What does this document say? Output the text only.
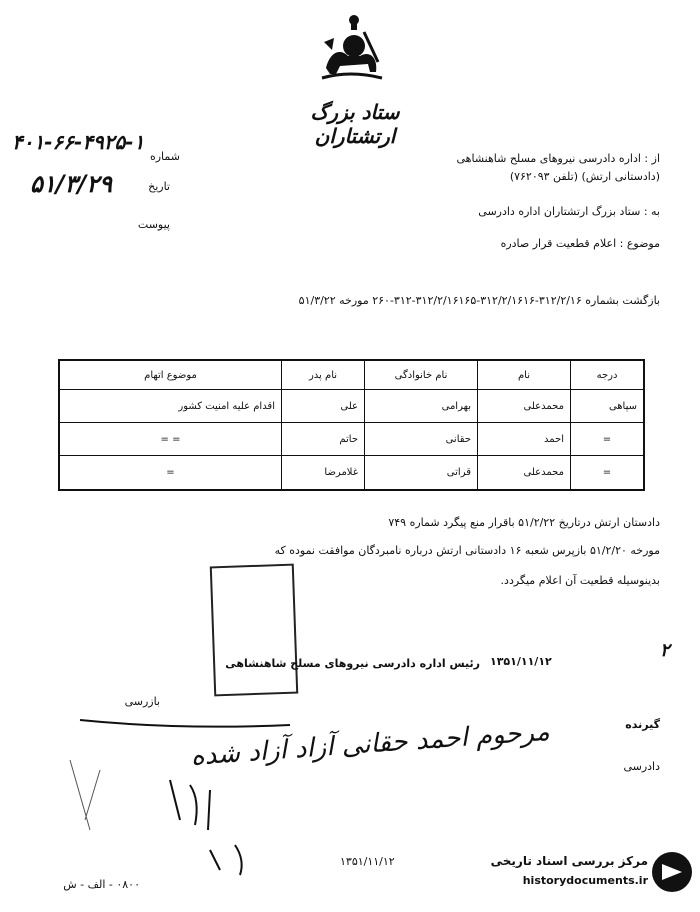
ستاد بزرگ ارتشتاران
۴۰۱-۶۶-۴۹۲۵-۱
شماره
۵۱/۳/۲۹	تاریخ
پیوست
از : اداره دادرسی نیروهای مسلح شاهنشاهی
(دادستانی ارتش) (تلفن ۷۶۲۰۹۳)
به : ستاد بزرگ ارتشتاران اداره دادرسی
موضوع : اعلام قطعیت قرار صادره
بازگشت بشماره ۳۱۲/۲/۱۶-۳۱۲/۲/۱۶۱۶-۳۱۲/۲/۱۶۱۶۵-۳۱۲-۲۶۰ مورخه ۵۱/۳/۲۲
درجه	نام	نام خانوادگی	نام پدر	موضوع اتهام
سپاهی	محمدعلی	بهرامی	علی	اقدام علیه امنیت کشور
=	احمد	حقانی	حاتم	= =
=	محمدعلی	قراتی	غلامرضا	=
دادستان ارتش درتاریخ ۵۱/۲/۲۲ باقرار منع پیگرد شماره ۷۴۹
مورخه ۵۱/۲/۲۰ بازپرس شعبه ۱۶ دادستانی ارتش درباره نامبردگان موافقت نموده که
بدینوسیله قطعیت آن اعلام میگردد.
۲
۱۳۵۱/۱۱/۱۲
رئیس اداره دادرسی نیروهای مسلح شاهنشاهی
بازرسی
گیرنده
دادرسی
مرحوم احمد حقانی آزاد آزاد شده
۱۳۵۱/۱۱/۱۲
۰۸۰۰ - الف - ش
مرکز بررسی اسناد تاریخی
historydocuments.ir
